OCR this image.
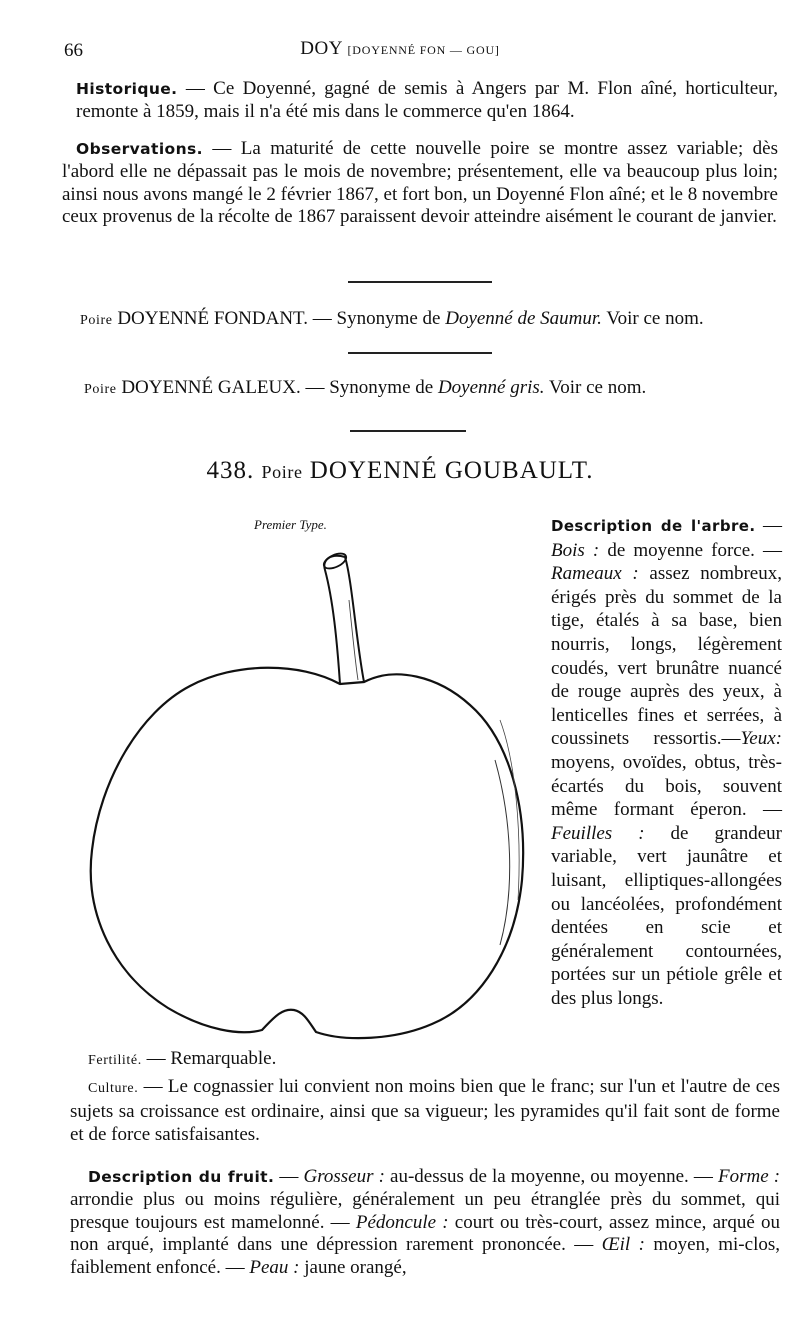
66	DOY [DOYENNÉ FON — GOU]

Historique. — Ce Doyenné, gagné de semis à Angers par M. Flon aîné, horticulteur, remonte à 1859, mais il n'a été mis dans le commerce qu'en 1864.

Observations. — La maturité de cette nouvelle poire se montre assez variable; dès l'abord elle ne dépassait pas le mois de novembre; présentement, elle va beaucoup plus loin; ainsi nous avons mangé le 2 février 1867, et fort bon, un Doyenné Flon aîné; et le 8 novembre ceux provenus de la récolte de 1867 paraissent devoir atteindre aisément le courant de janvier.

Poire DOYENNÉ FONDANT. — Synonyme de Doyenné de Saumur. Voir ce nom.
Poire DOYENNÉ GALEUX. — Synonyme de Doyenné gris. Voir ce nom.
438. Poire DOYENNÉ GOUBAULT.
Premier Type.	Description de l'arbre. — Bois : de moyenne force. — Rameaux : assez nombreux, érigés près du sommet de la tige, étalés à sa base, bien nourris, longs, légèrement coudés, vert brunâtre nuancé de rouge auprès des yeux, à lenticelles fines et serrées, à coussinets ressortis.—Yeux: moyens, ovoïdes, obtus, très-écartés du bois, souvent même formant éperon. — Feuilles : de grandeur variable, vert jaunâtre et luisant, elliptiques-allongées ou lancéolées, profondément dentées en scie et généralement contournées, portées sur un pétiole grêle et des plus longs.
Fertilité. — Remarquable.

Culture. — Le cognassier lui convient non moins bien que le franc; sur l'un et l'autre de ces sujets sa croissance est ordinaire, ainsi que sa vigueur; les pyramides qu'il fait sont de forme et de force satisfaisantes.

Description du fruit. — Grosseur : au-dessus de la moyenne, ou moyenne. — Forme : arrondie plus ou moins régulière, généralement un peu étranglée près du sommet, qui presque toujours est mamelonné. — Pédoncule : court ou très-court, assez mince, arqué ou non arqué, implanté dans une dépression rarement prononcée. — Œil : moyen, mi-clos, faiblement enfoncé. — Peau : jaune orangé,
